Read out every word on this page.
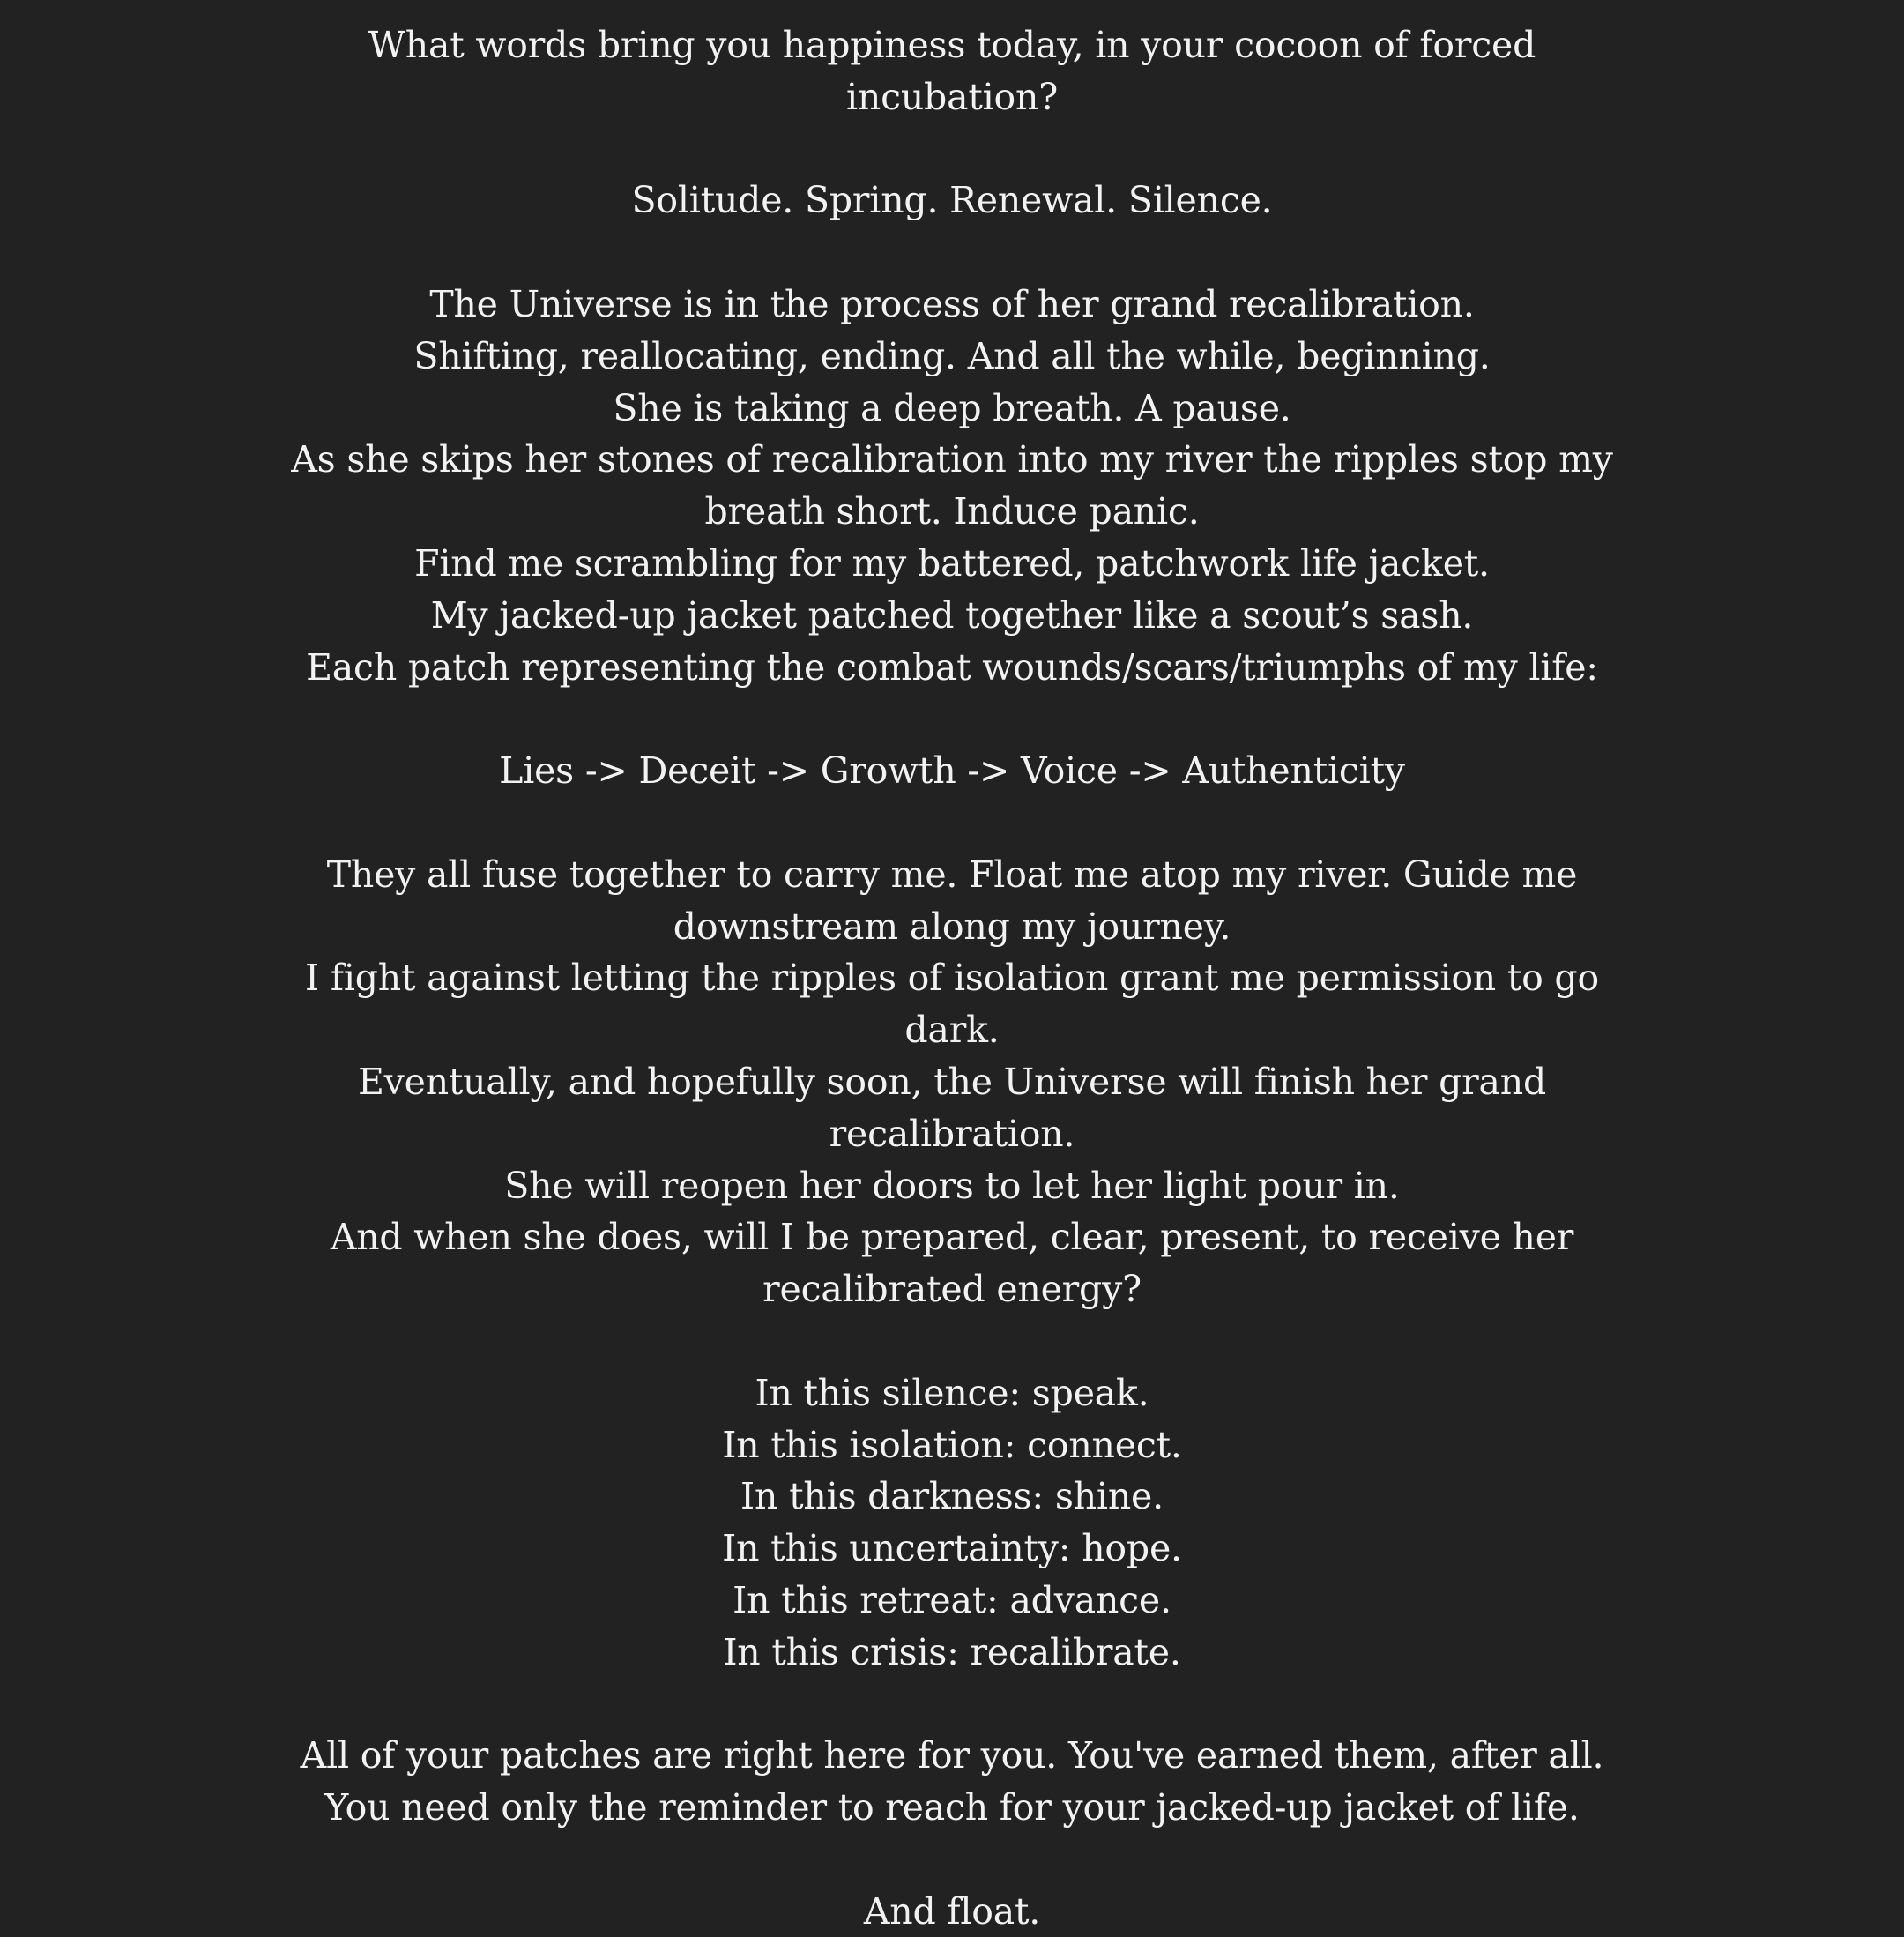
What words bring you happiness today, in your cocoon of forced incubation?
Solitude. Spring. Renewal. Silence.
The Universe is in the process of her grand recalibration.
Shifting, reallocating, ending. And all the while, beginning.
She is taking a deep breath. A pause.
As she skips her stones of recalibration into my river the ripples stop my
breath short. Induce panic.
Find me scrambling for my battered, patchwork life jacket.
My jacked-up jacket patched together like a scout’s sash.
Each patch representing the combat wounds/scars/triumphs of my life:
Lies -> Deceit -> Growth -> Voice -> Authenticity
They all fuse together to carry me. Float me atop my river. Guide me
downstream along my journey.
I fight against letting the ripples of isolation grant me permission to go dark.
Eventually, and hopefully soon, the Universe will finish her grand
recalibration.
She will reopen her doors to let her light pour in.
And when she does, will I be prepared, clear, present, to receive her
recalibrated energy?
In this silence: speak.
In this isolation: connect.
In this darkness: shine.
In this uncertainty: hope.
In this retreat: advance.
In this crisis: recalibrate.
All of your patches are right here for you. You've earned them, after all.
You need only the reminder to reach for your jacked-up jacket of life.
And float.
